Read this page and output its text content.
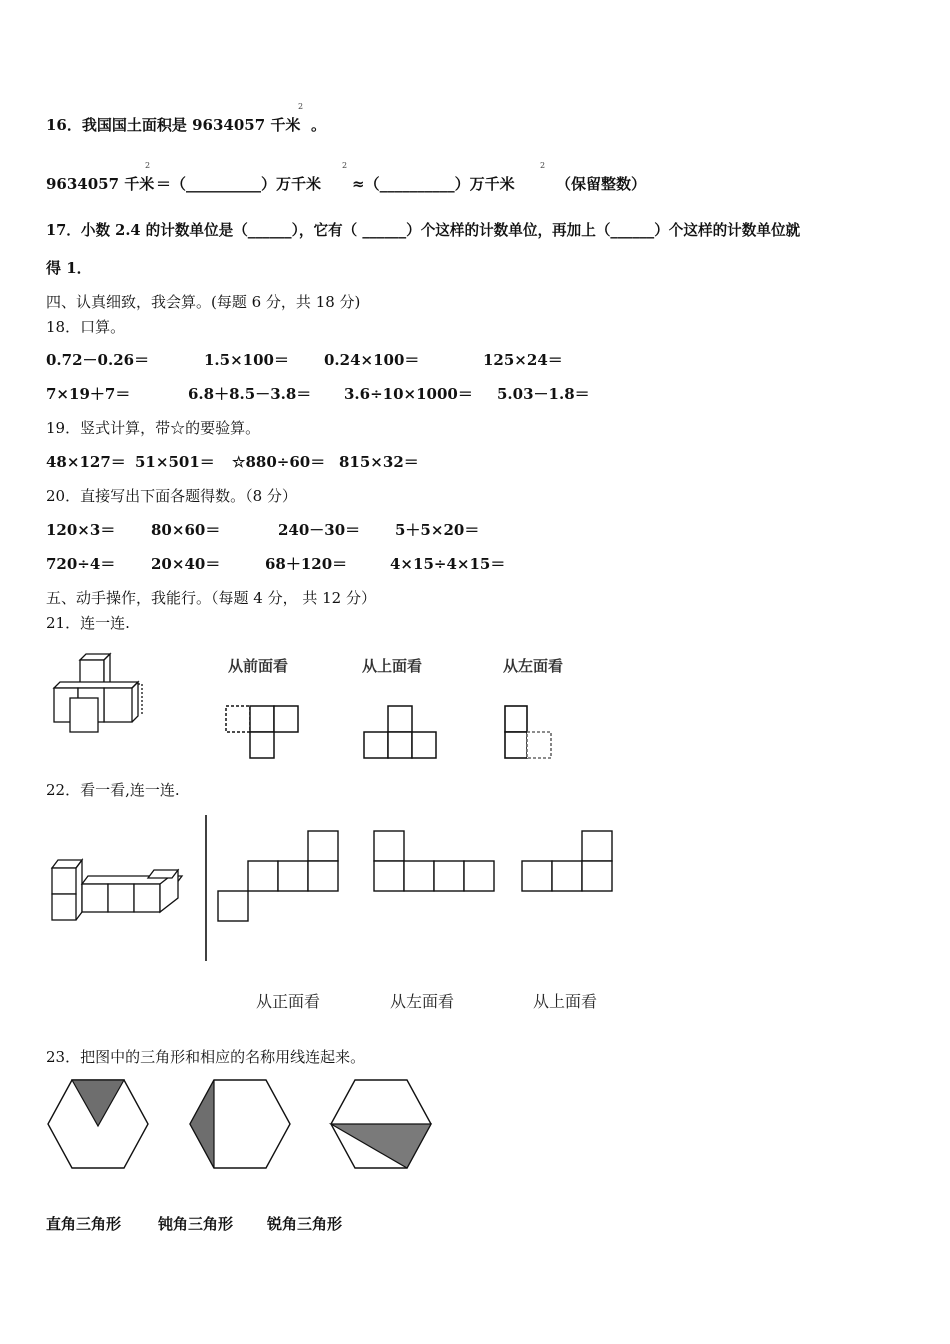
16．我国国土面积是 9634057 千米
2
。
9634057 千米
2
＝（__________）万千米
2
≈（__________）万千米
2
（保留整数）
17．小数 2.4 的计数单位是（______），它有（ ______）个这样的计数单位，再加上（______）个这样的计数单位就
得 1．
四、认真细致，我会算。(每题 6 分，共 18 分)
18．口算。
0.72－0.26＝	1.5×100＝ 0.24×100＝	125×24＝
7×19＋7＝	6.8＋8.5－3.8＝ 3.6÷10×1000＝ 5.03－1.8＝
19．竖式计算，带☆的要验算。
48×127＝ 51×501＝ ☆880÷60＝ 815×32＝
20．直接写出下面各题得数。（8 分）
120×3＝ 80×60＝	240－30＝ 5＋5×20＝
720÷4＝ 20×40＝	68＋120＝	4×15÷4×15＝
五、动手操作，我能行。（每题 4 分， 共 12 分）
21．连一连.
从前面看	从上面看	从左面看
22．看一看,连一连.
从正面看	从左面看	从上面看
23．把图中的三角形和相应的名称用线连起来。
直角三角形 钝角三角形 锐角三角形
